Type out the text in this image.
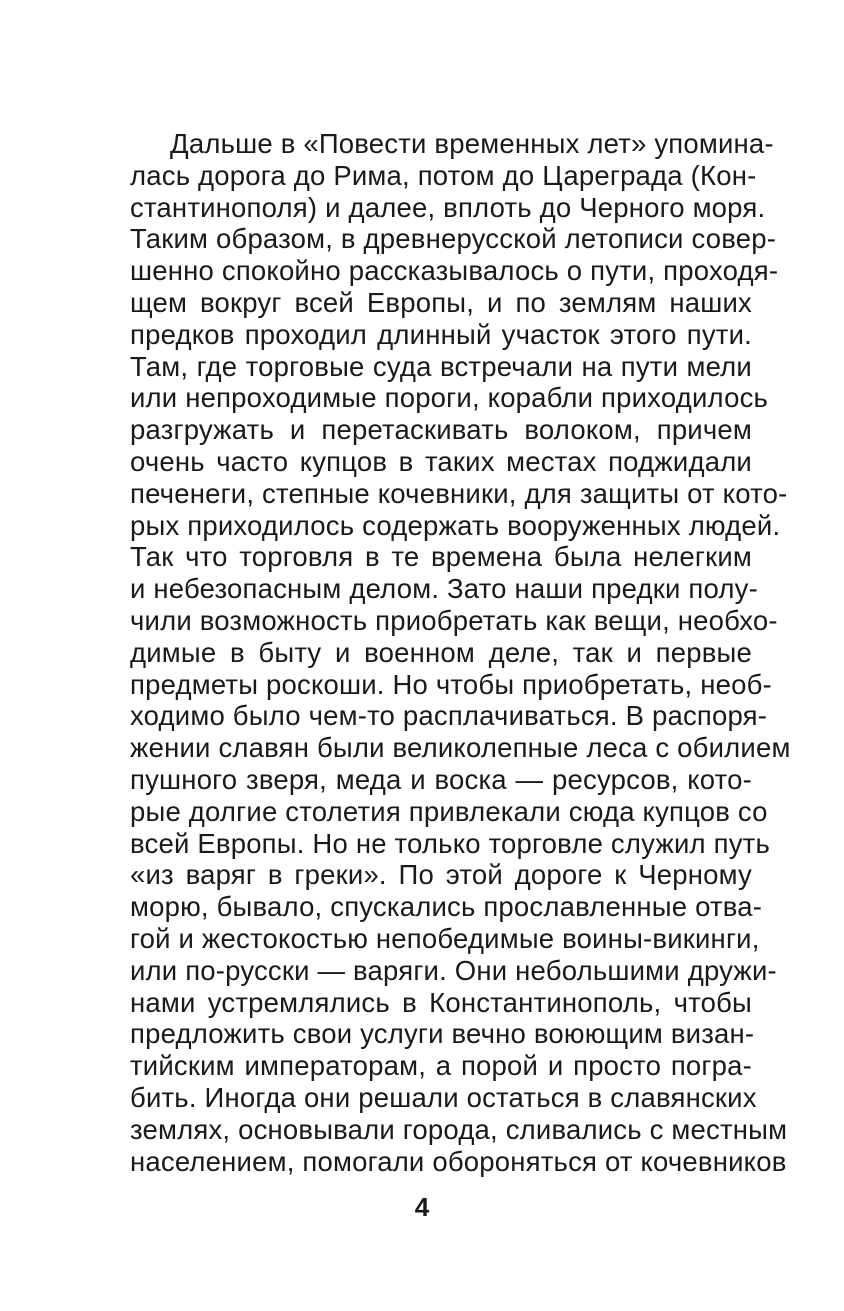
Дальше в «Повести временных лет» упомина-
лась дорога до Рима, потом до Цареграда (Кон-
стантинополя) и далее, вплоть до Черного моря.
Таким образом, в древнерусской летописи совер-
шенно спокойно рассказывалось о пути, проходя-
щем вокруг всей Европы, и по землям наших
предков проходил длинный участок этого пути.
Там, где торговые суда встречали на пути мели
или непроходимые пороги, корабли приходилось
разгружать и перетаскивать волоком, причем
очень часто купцов в таких местах поджидали
печенеги, степные кочевники, для защиты от кото-
рых приходилось содержать вооруженных людей.
Так что торговля в те времена была нелегким
и небезопасным делом. Зато наши предки полу-
чили возможность приобретать как вещи, необхо-
димые в быту и военном деле, так и первые
предметы роскоши. Но чтобы приобретать, необ-
ходимо было чем-то расплачиваться. В распоря-
жении славян были великолепные леса с обилием
пушного зверя, меда и воска — ресурсов, кото-
рые долгие столетия привлекали сюда купцов со
всей Европы. Но не только торговле служил путь
«из варяг в греки». По этой дороге к Черному
морю, бывало, спускались прославленные отва-
гой и жестокостью непобедимые воины-викинги,
или по-русски — варяги. Они небольшими дружи-
нами устремлялись в Константинополь, чтобы
предложить свои услуги вечно воюющим визан-
тийским императорам, а порой и просто погра-
бить. Иногда они решали остаться в славянских
землях, основывали города, сливались с местным
населением, помогали обороняться от кочевников
4
